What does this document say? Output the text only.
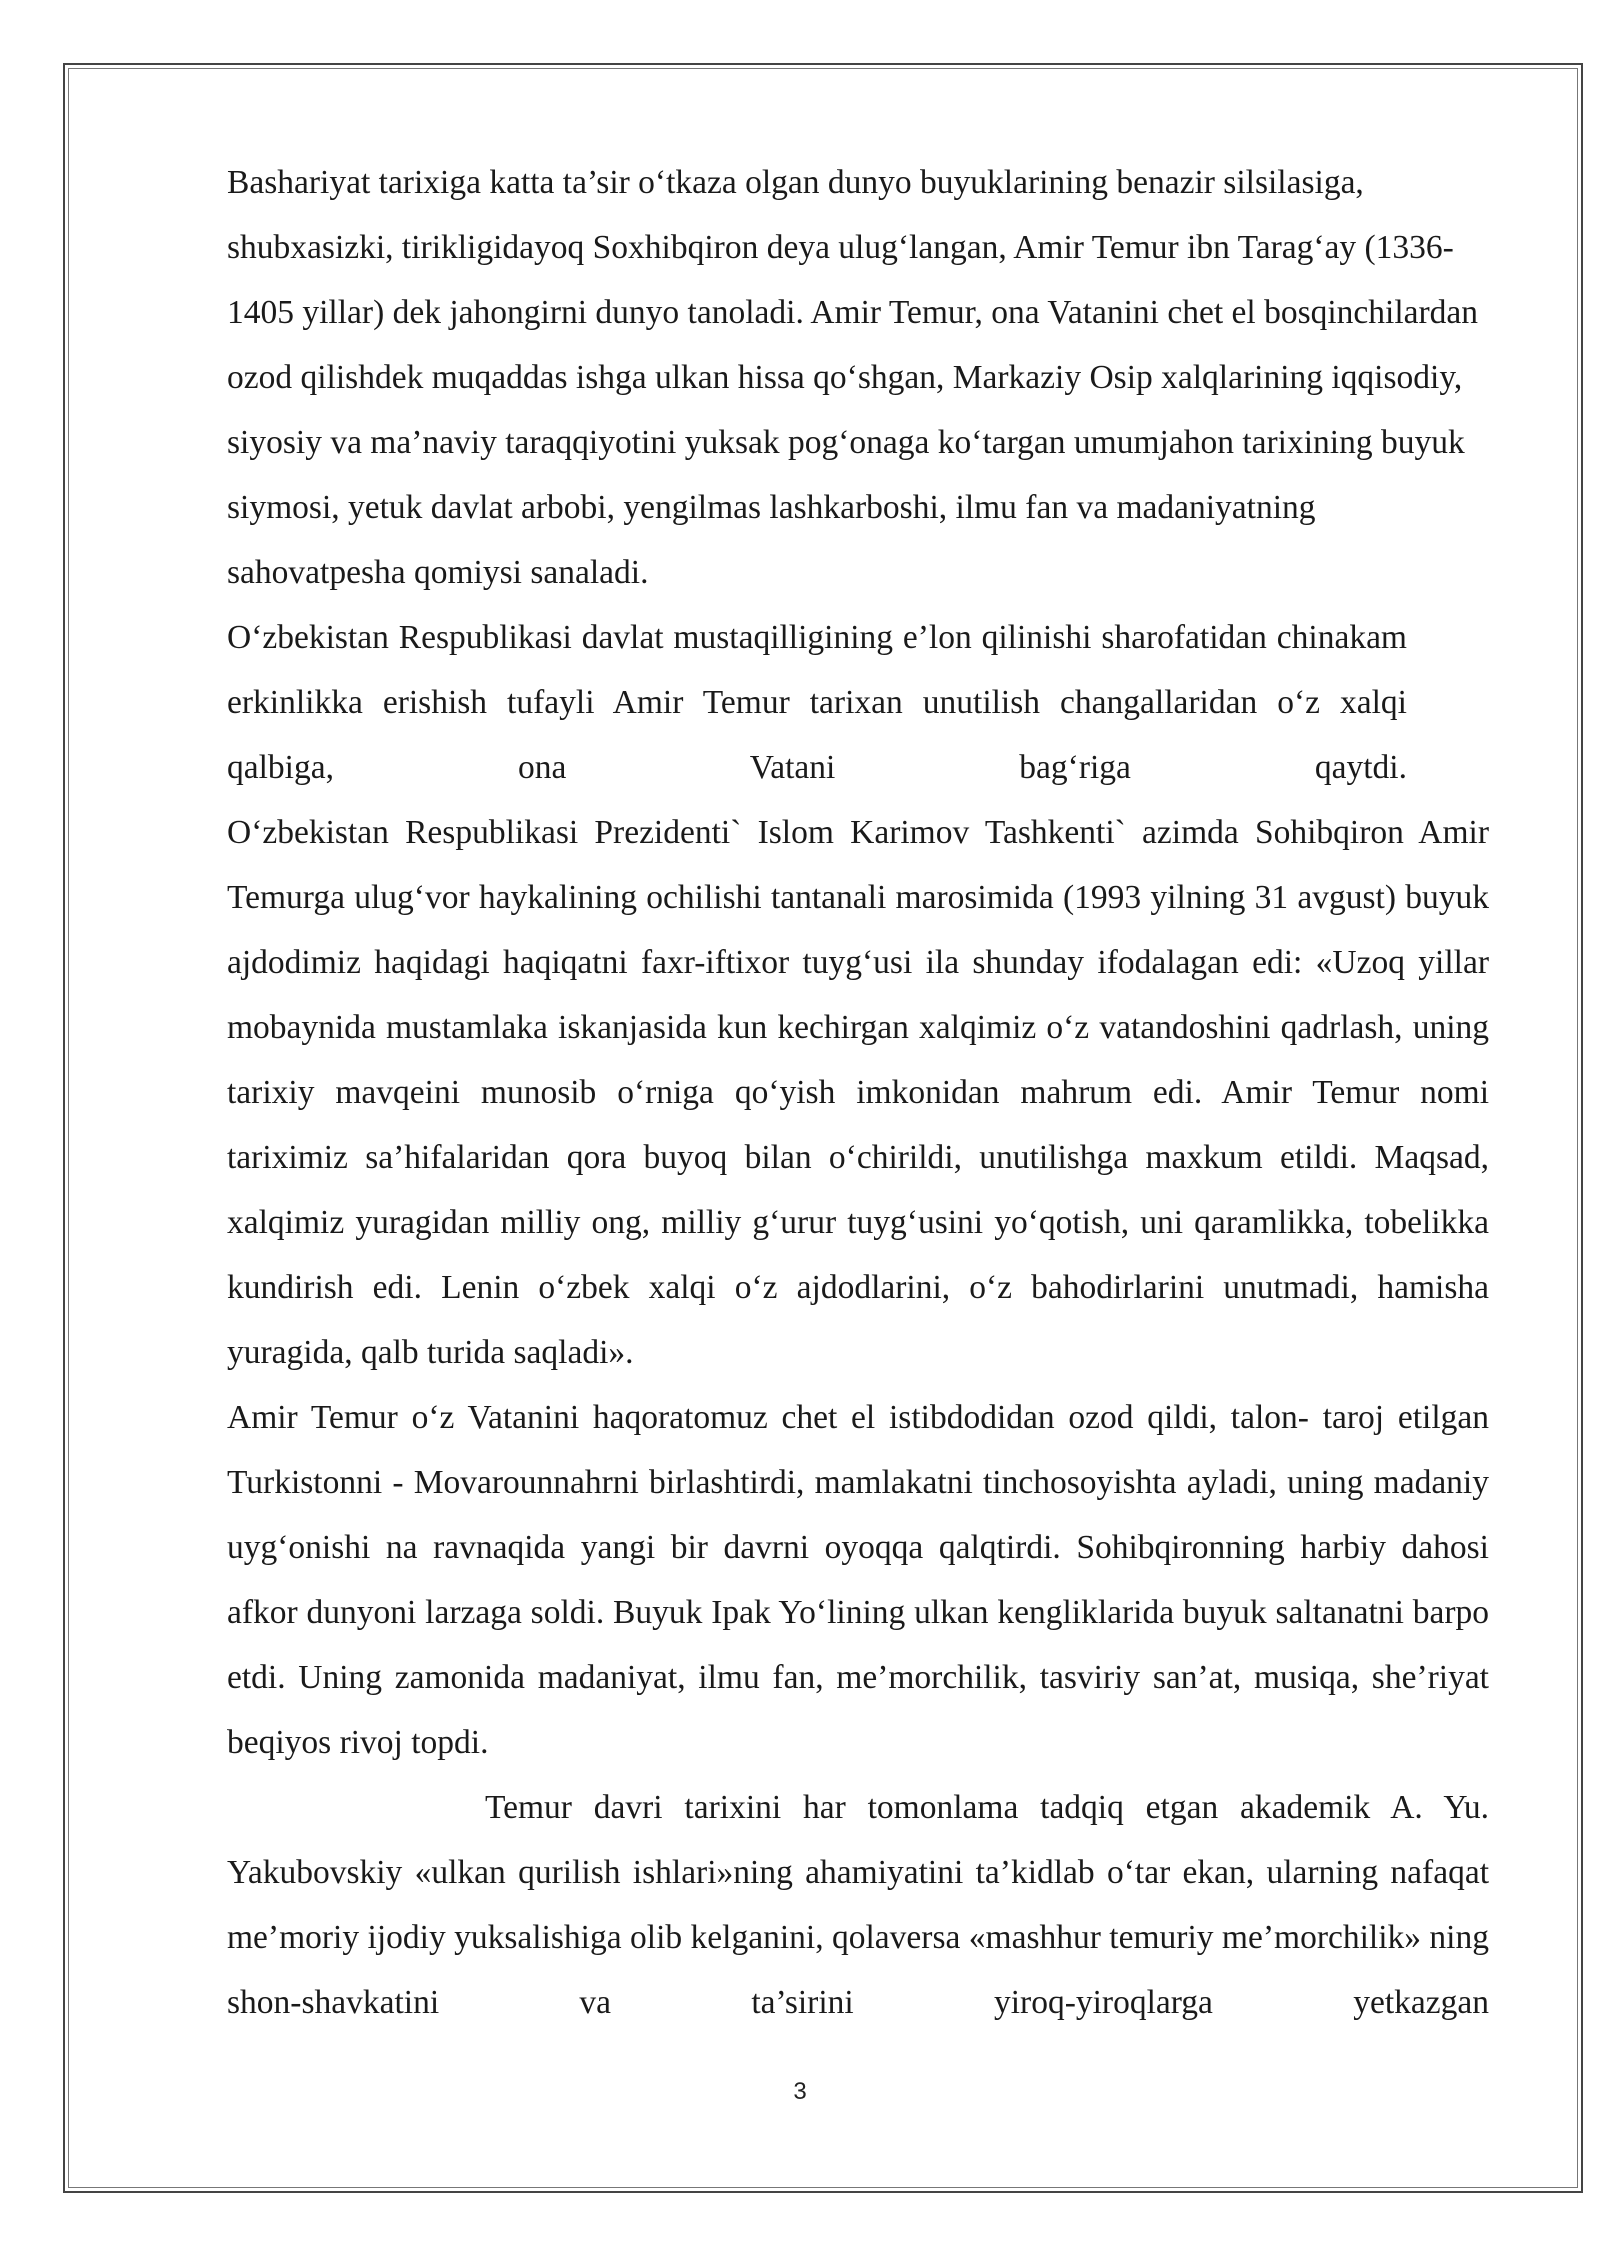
Bashariyat tarixiga katta ta’sir o‘tkaza olgan dunyo buyuklarining benazir silsilasiga, shubxasizki, tirikligidayoq Soxhibqiron deya ulug‘langan, Amir Temur ibn Tarag‘ay (1336-1405 yillar) dek jahongirni dunyo tanoladi. Amir Temur, ona Vatanini chet el bosqinchilardan ozod qilishdek muqaddas ishga ulkan hissa qo‘shgan, Markaziy Osip xalqlarining iqqisodiy, siyosiy va ma’naviy taraqqiyotini yuksak pog‘onaga ko‘targan umumjahon tarixining buyuk siymosi, yetuk davlat arbobi, yengilmas lashkarboshi, ilmu fan va madaniyatning sahovatpesha qomiysi sanaladi.

O‘zbekistan Respublikasi davlat mustaqilligining e’lon qilinishi sharofatidan chinakam erkinlikka erishish tufayli Amir Temur tarixan unutilish changallaridan o‘z xalqi qalbiga, ona Vatani bag‘riga qaytdi.

O‘zbekistan Respublikasi Prezidenti` Islom Karimov Tashkenti` azimda Sohibqiron Amir Temurga ulug‘vor haykalining ochilishi tantanali marosimida (1993 yilning 31 avgust) buyuk ajdodimiz haqidagi haqiqatni faxr-iftixor tuyg‘usi ila shunday ifodalagan edi: «Uzoq yillar mobaynida mustamlaka iskanjasida kun kechirgan xalqimiz o‘z vatandoshini qadrlash, uning tarixiy mavqeini munosib o‘rniga qo‘yish imkonidan mahrum edi. Amir Temur nomi tariximiz sa’hifalaridan qora buyoq bilan o‘chirildi, unutilishga maxkum etildi. Maqsad, xalqimiz yuragidan milliy ong, milliy g‘urur tuyg‘usini yo‘qotish, uni qaramlikka, tobelikka kundirish edi. Lenin o‘zbek xalqi o‘z ajdodlarini, o‘z bahodirlarini unutmadi, hamisha yuragida, qalb turida saqladi».

Amir Temur o‘z Vatanini haqoratomuz chet el istibdodidan ozod qildi, talon- taroj etilgan Turkistonni - Movarounnahrni birlashtirdi, mamlakatni tinchosoyishta ayladi, uning madaniy uyg‘onishi na ravnaqida yangi bir davrni oyoqqa qalqtirdi. Sohibqironning harbiy dahosi afkor dunyoni larzaga soldi. Buyuk Ipak Yo‘lining ulkan kengliklarida buyuk saltanatni barpo etdi. Uning zamonida madaniyat, ilmu fan, me’morchilik, tasviriy san’at, musiqa, she’riyat beqiyos rivoj topdi.

Temur davri tarixini har tomonlama tadqiq etgan akademik A. Yu. Yakubovskiy «ulkan qurilish ishlari»ning ahamiyatini ta’kidlab o‘tar ekan, ularning nafaqat me’moriy ijodiy yuksalishiga olib kelganini, qolaversa «mashhur temuriy me’morchilik» ning shon-shavkatini va ta’sirini yiroq-yiroqlarga yetkazgan

3
